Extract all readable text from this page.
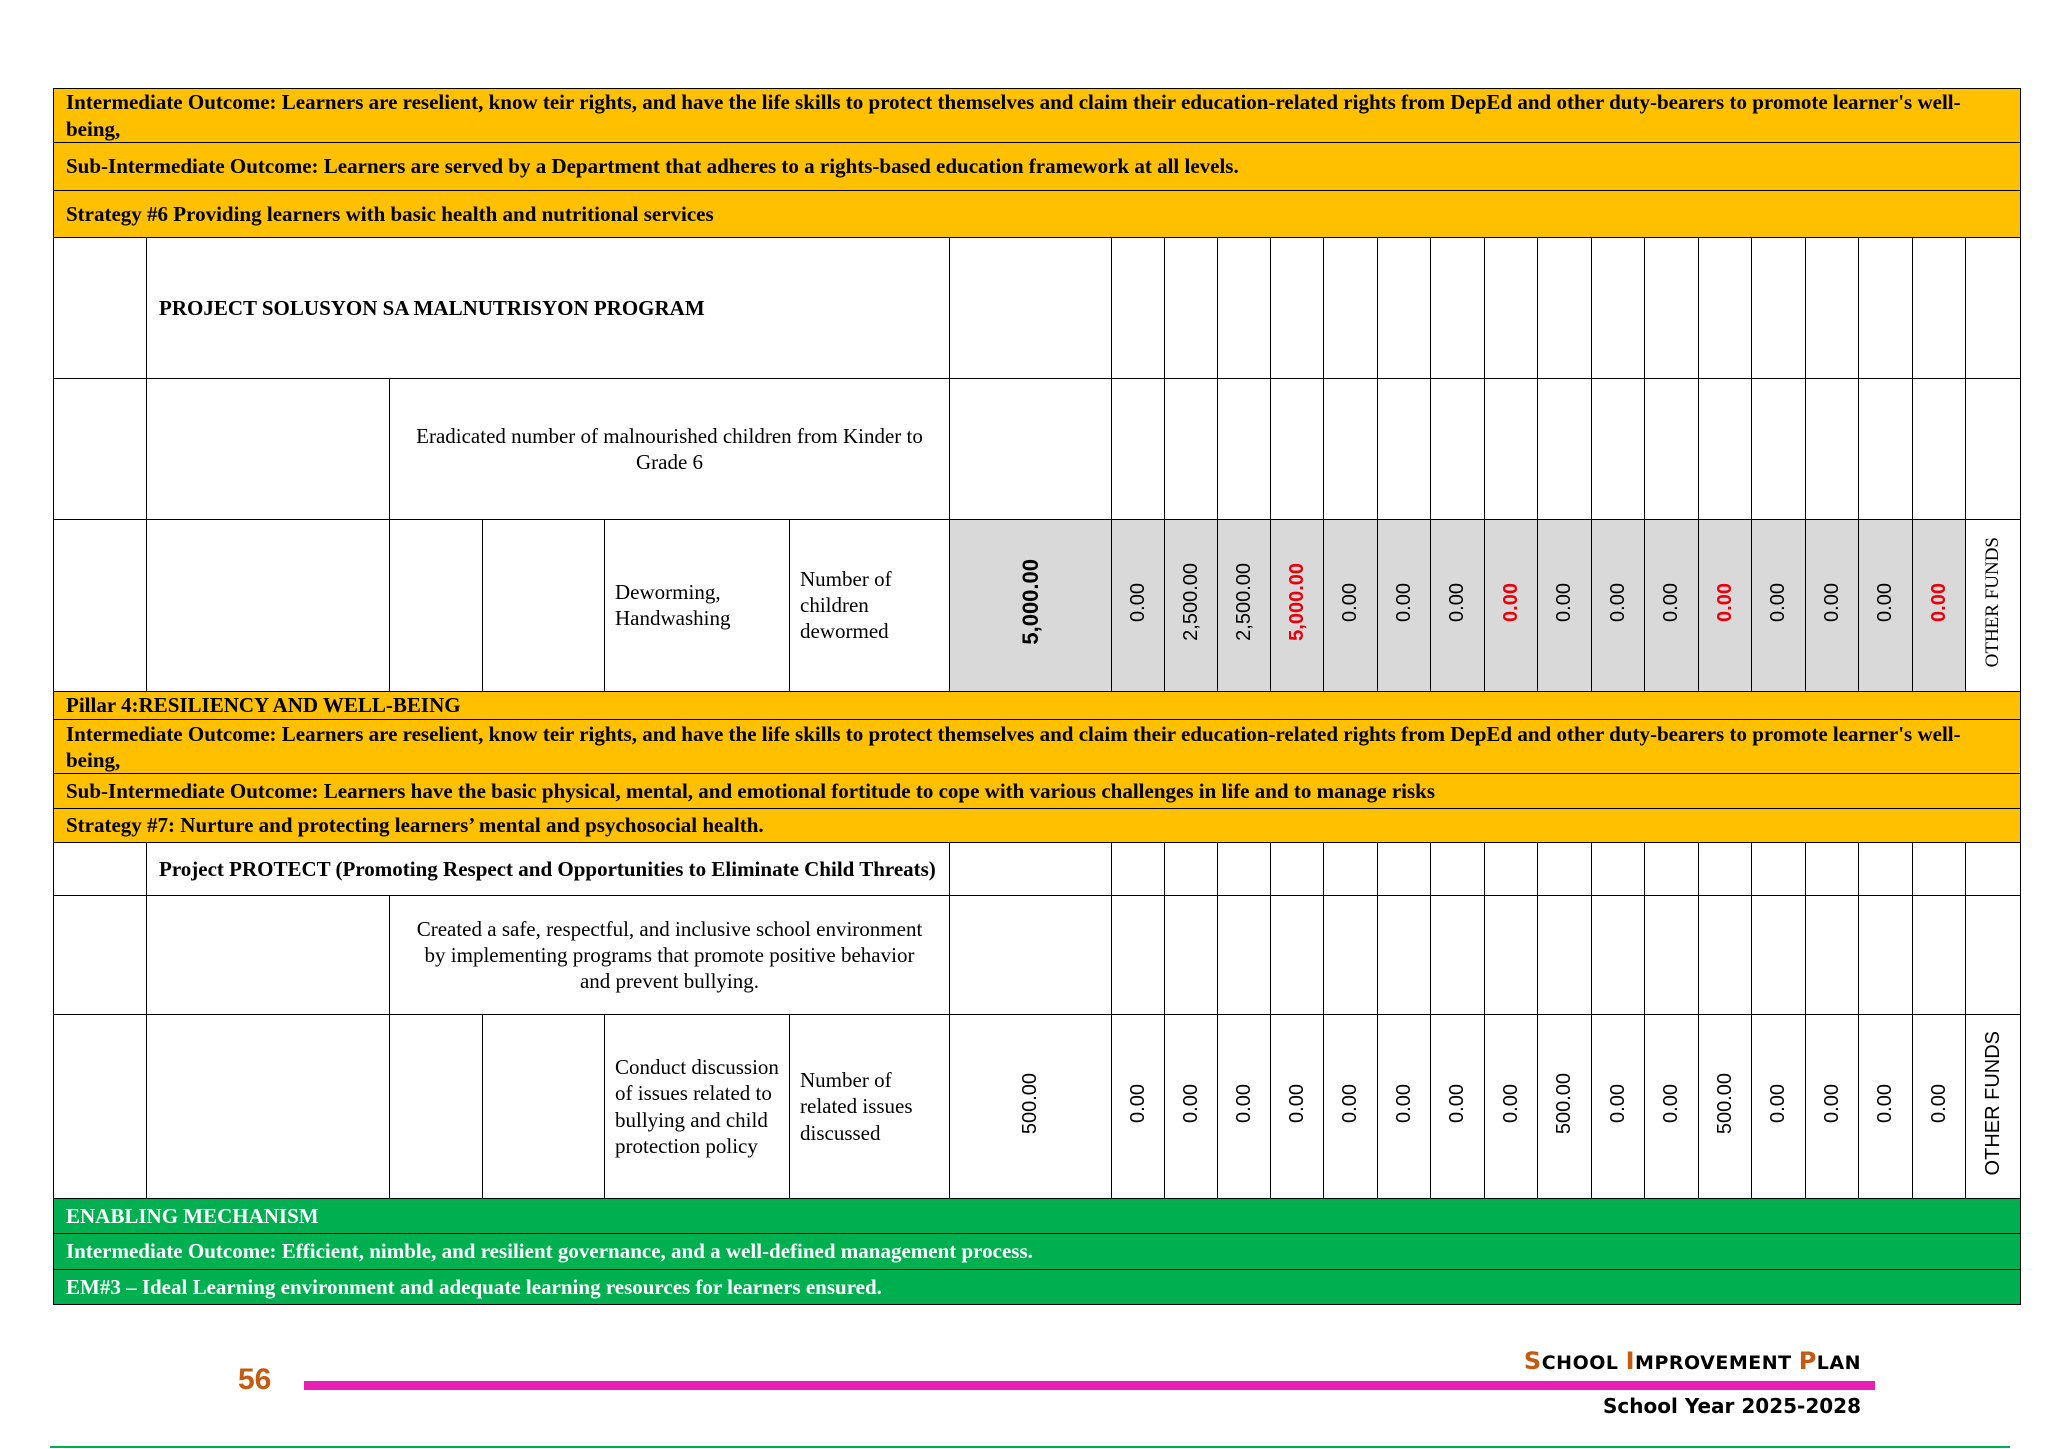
Intermediate Outcome: Learners are reselient, know teir rights, and have the life skills to protect themselves and claim their education-related rights from DepEd and other duty-bearers to promote learner's well-being,																							
Sub-Intermediate Outcome: Learners are served by a Department that adheres to a rights-based education framework at all levels.																							
Strategy #6 Providing learners with basic health and nutritional services																							
	PROJECT SOLUSYON SA MALNUTRISYON PROGRAM																						
		Eradicated number of malnourished children from Kinder to Grade 6																					
				Deworming, Handwashing	Number of children dewormed	5,000.00	0.00	2,500.00	2,500.00	5,000.00	0.00	0.00	0.00	0.00	0.00	0.00	0.00	0.00	0.00	0.00	0.00	0.00	OTHER FUNDS
Pillar 4:RESILIENCY AND WELL-BEING																							
Intermediate Outcome: Learners are reselient, know teir rights, and have the life skills to protect themselves and claim their education-related rights from DepEd and other duty-bearers to promote learner's well-being,																							
Sub-Intermediate Outcome: Learners have the basic physical, mental, and emotional fortitude to cope with various challenges in life and to manage risks																							
Strategy #7: Nurture and protecting learners’ mental and psychosocial health.																							
	Project PROTECT (Promoting Respect and Opportunities to Eliminate Child Threats)																						
		Created a safe, respectful, and inclusive school environment by implementing programs that promote positive behavior and prevent bullying.																					
				Conduct discussion of issues related to bullying and child protection policy	Number of related issues discussed	500.00	0.00	0.00	0.00	0.00	0.00	0.00	0.00	0.00	500.00	0.00	0.00	500.00	0.00	0.00	0.00	0.00	OTHER FUNDS
ENABLING MECHANISM																							
Intermediate Outcome: Efficient, nimble, and resilient governance, and a well-defined management process.																							
EM#3 – Ideal Learning environment and adequate learning resources for learners ensured.																							
56
SCHOOL IMPROVEMENT PLAN
School Year 2025-2028
